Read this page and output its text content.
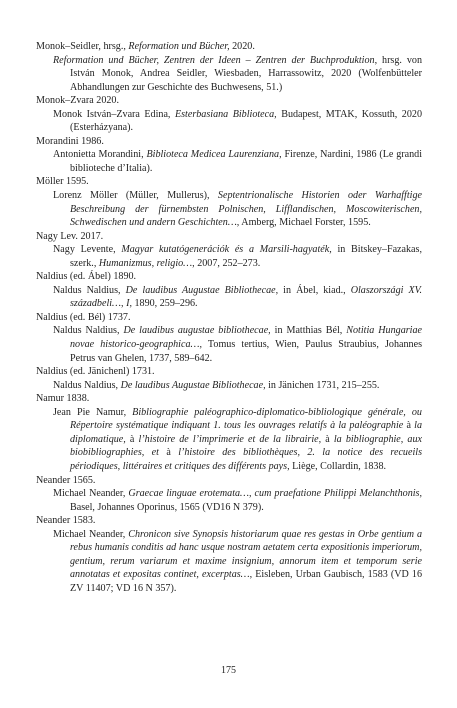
Monok–Seidler, hrsg., Reformation und Bücher, 2020.

Reformation und Bücher, Zentren der Ideen – Zentren der Buchproduktion, hrsg. von István Monok, Andrea Seidler, Wiesbaden, Harrassowitz, 2020 (Wolfenbütteler Abhandlungen zur Geschichte des Buchwesens, 51.)

Monok–Zvara 2020.

Monok István–Zvara Edina, Esterbasiana Biblioteca, Budapest, MTAK, Kossuth, 2020 (Esterházyana).

Morandini 1986.

Antonietta Morandini, Biblioteca Medicea Laurenziana, Firenze, Nardini, 1986 (Le grandi biblioteche d’Italia).

Möller 1595.

Lorenz Möller (Müller, Mullerus), Septentrionalische Historien oder Warhafftige Beschreibung der fürnembsten Polnischen, Lifflandischen, Moscowiterischen, Schwedischen und andern Geschichten…, Amberg, Michael Forster, 1595.

Nagy Lev. 2017.

Nagy Levente, Magyar kutatógenerációk és a Marsili-hagyaték, in Bitskey–Fazakas, szerk., Humanizmus, religio…, 2007, 252–273.

Naldius (ed. Ábel) 1890.

Naldus Naldius, De laudibus Augustae Bibliothecae, in Ábel, kiad., Olaszországi XV. századbeli…, I, 1890, 259–296.

Naldius (ed. Bél) 1737.

Naldus Naldius, De laudibus augustae bibliothecae, in Matthias Bél, Notitia Hungariae novae historico-geographica…, Tomus tertius, Wien, Paulus Straubius, Johannes Petrus van Ghelen, 1737, 589–642.

Naldius (ed. Jänichenl) 1731.

Naldus Naldius, De laudibus Augustae Bibliothecae, in Jänichen 1731, 215–255.

Namur 1838.

Jean Pie Namur, Bibliographie paléographico-diplomatico-bibliologique générale, ou Répertoire systématique indiquant 1. tous les ouvrages relatifs à la paléographie à la diplomatique, à l’histoire de l’imprimerie et de la librairie, à la bibliographie, aux biobibliographies, et à l’histoire des bibliothèques, 2. la notice des recueils périodiques, littéraires et critiques des différents pays, Liège, Collardin, 1838.

Neander 1565.

Michael Neander, Graecae linguae erotemata…, cum praefatione Philippi Melanchthonis, Basel, Johannes Oporinus, 1565 (VD16 N 379).

Neander 1583.

Michael Neander, Chronicon sive Synopsis historiarum quae res gestas in Orbe gentium a rebus humanis conditis ad hanc usque nostram aetatem certa expositionis imperiorum, gentium, rerum variarum et maxime insignium, annorum item et temporum serie annotatas et expositas continet, excerptas…, Eisleben, Urban Gaubisch, 1583 (VD 16 ZV 11407; VD 16 N 357).

175
